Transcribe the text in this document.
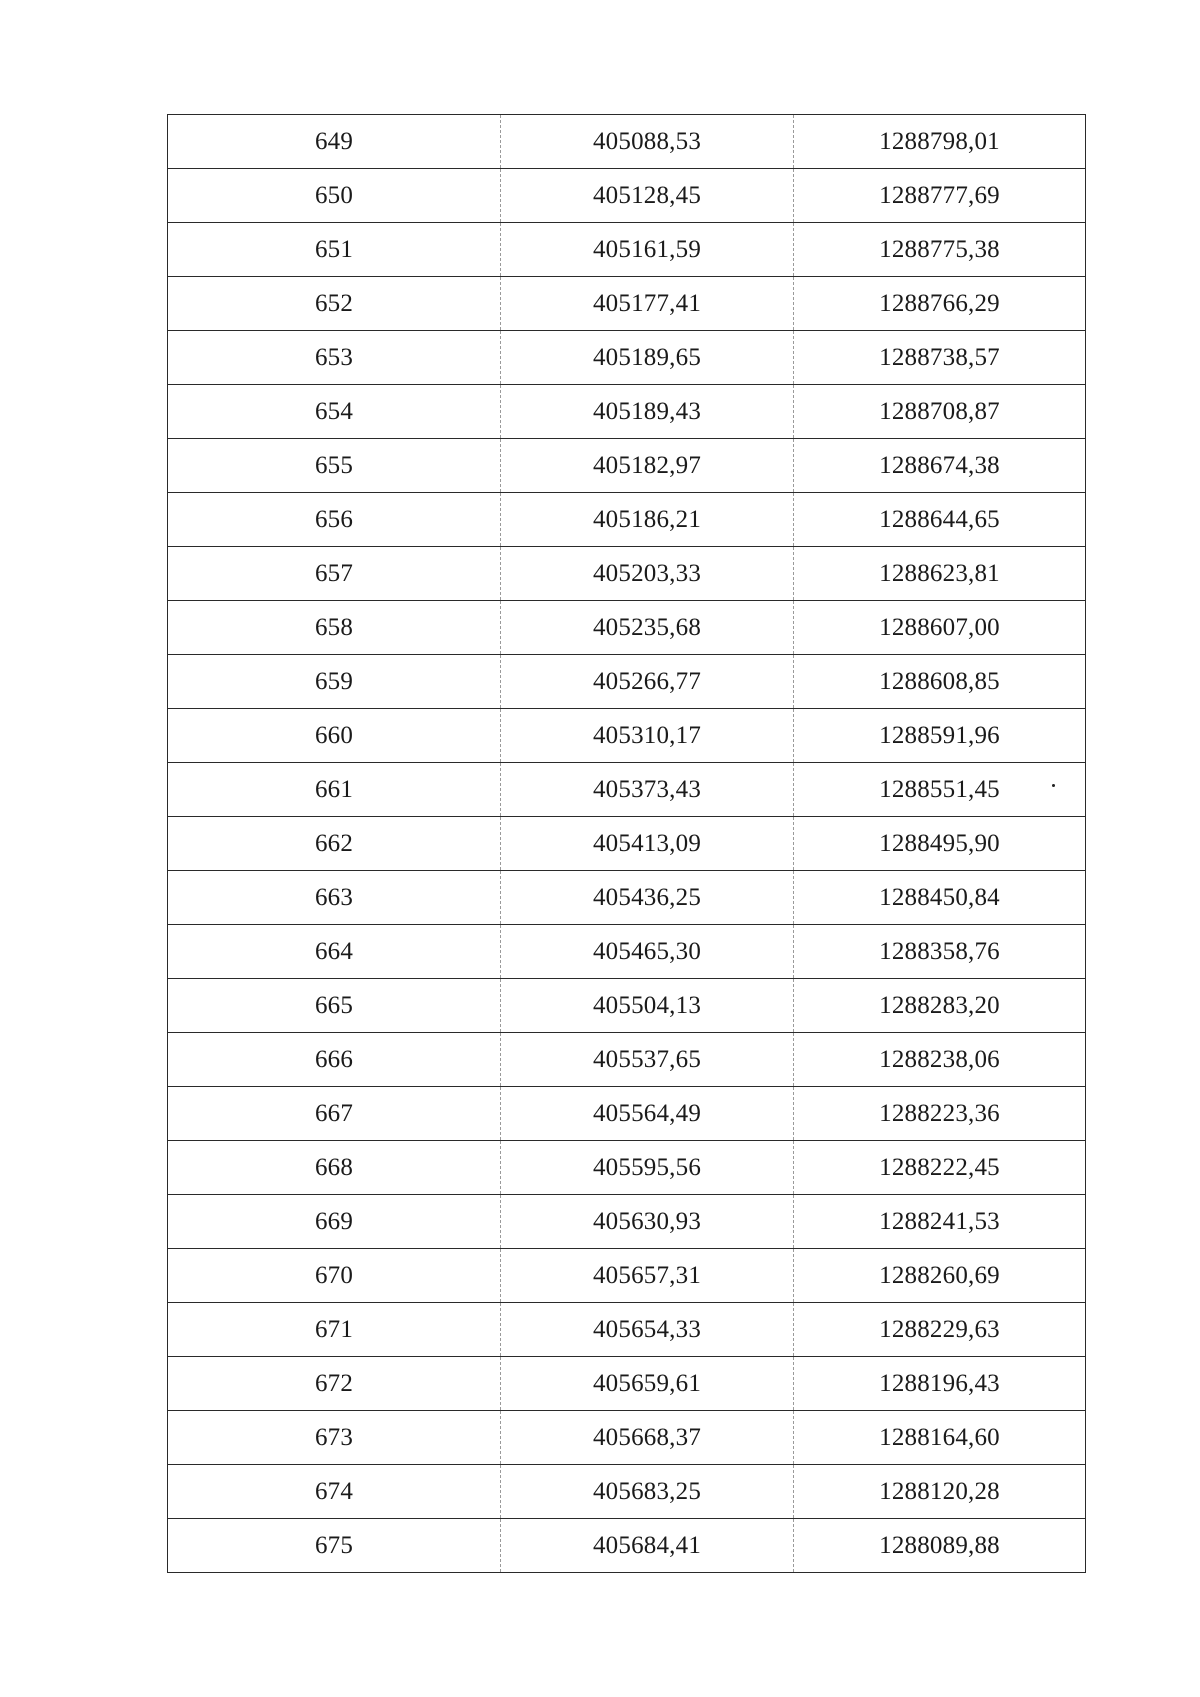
649	405088,53	1288798,01
650	405128,45	1288777,69
651	405161,59	1288775,38
652	405177,41	1288766,29
653	405189,65	1288738,57
654	405189,43	1288708,87
655	405182,97	1288674,38
656	405186,21	1288644,65
657	405203,33	1288623,81
658	405235,68	1288607,00
659	405266,77	1288608,85
660	405310,17	1288591,96
661	405373,43	1288551,45
662	405413,09	1288495,90
663	405436,25	1288450,84
664	405465,30	1288358,76
665	405504,13	1288283,20
666	405537,65	1288238,06
667	405564,49	1288223,36
668	405595,56	1288222,45
669	405630,93	1288241,53
670	405657,31	1288260,69
671	405654,33	1288229,63
672	405659,61	1288196,43
673	405668,37	1288164,60
674	405683,25	1288120,28
675	405684,41	1288089,88
